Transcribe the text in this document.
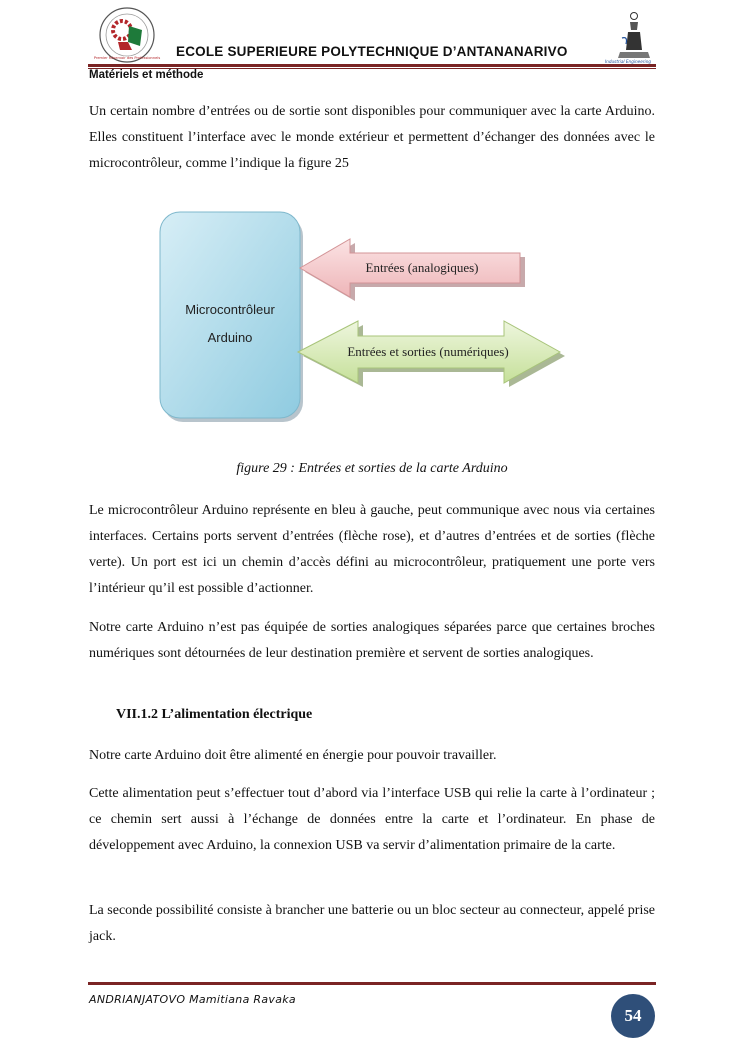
Premier Réservoir des Professionnels
Industrial Engineering
ECOLE SUPERIEURE POLYTECHNIQUE D’ANTANANARIVO
Matériels et méthode

Un certain nombre d’entrées ou de sortie sont disponibles pour communiquer avec la carte Arduino. Elles constituent l’interface avec le monde extérieur et permettent d’échanger des données avec le microcontrôleur, comme l’indique la figure 25

Microcontrôleur
Arduino
Entrées (analogiques)
Entrées et sorties (numériques)
figure 29 : Entrées et sorties de la carte Arduino

Le microcontrôleur Arduino représente en bleu à gauche, peut communique avec nous via certaines interfaces. Certains ports servent d’entrées (flèche rose), et d’autres d’entrées et de sorties (flèche verte). Un port est ici un chemin d’accès défini au microcontrôleur, pratiquement une porte vers l’intérieur qu’il est possible d’actionner.

Notre carte Arduino n’est pas équipée de sorties analogiques séparées parce que certaines broches numériques sont détournées de leur destination première et servent de sorties analogiques.

VII.1.2 L’alimentation électrique

Notre carte Arduino doit être alimenté en énergie pour pouvoir travailler.

Cette alimentation peut s’effectuer tout d’abord via l’interface USB qui relie la carte à l’ordinateur ; ce chemin sert aussi à l’échange de données entre la carte et l’ordinateur. En phase de développement avec Arduino, la connexion USB va servir d’alimentation primaire de la carte.

La seconde possibilité consiste à brancher une batterie ou un bloc secteur au connecteur, appelé prise jack.

ANDRIANJATOVO Mamitiana Ravaka
54
